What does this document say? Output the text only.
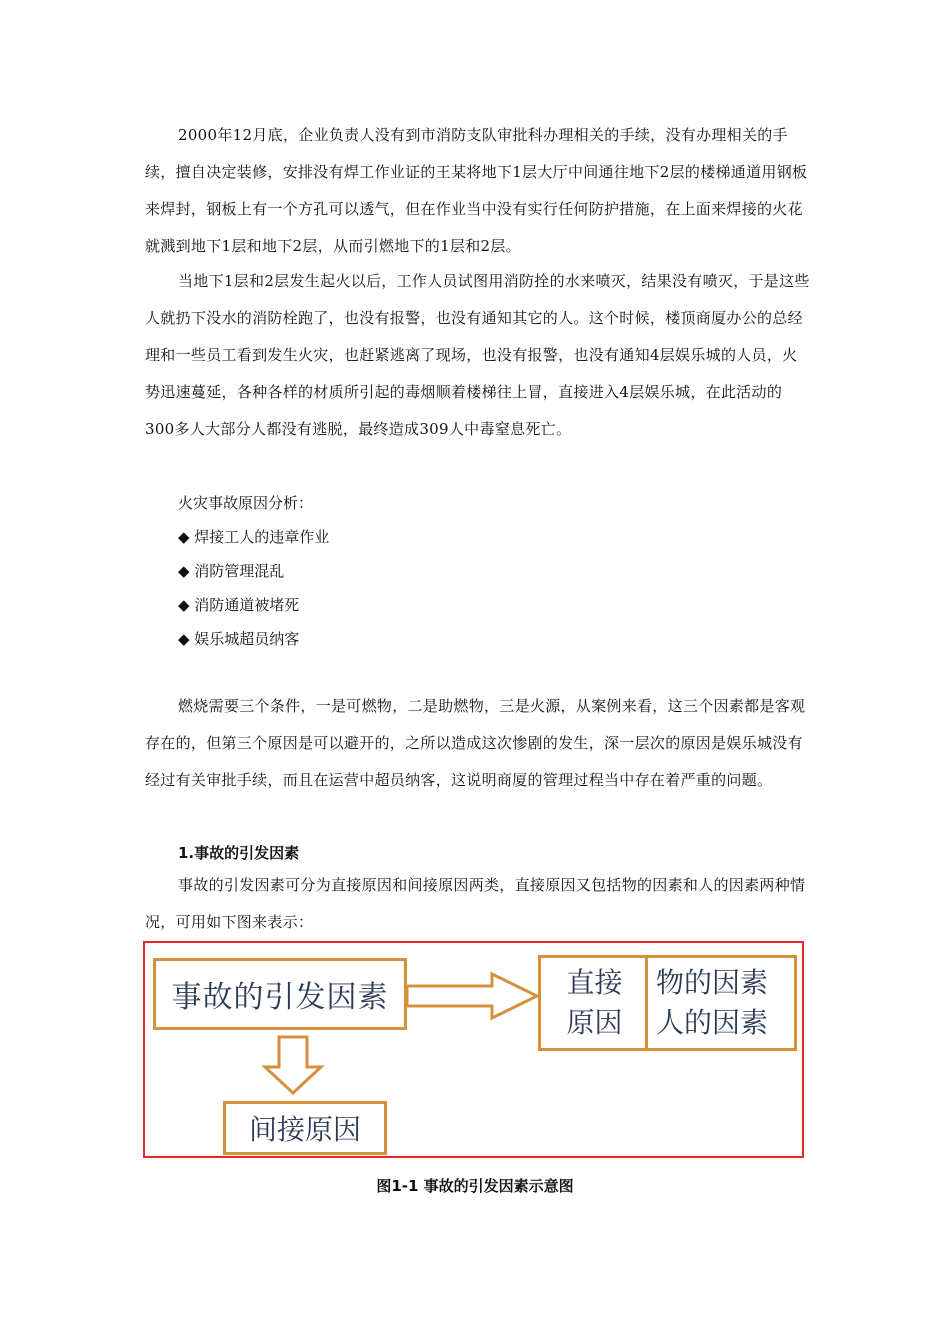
2000年12月底，企业负责人没有到市消防支队审批科办理相关的手续，没有办理相关的手续，擅自决定装修，安排没有焊工作业证的王某将地下1层大厅中间通往地下2层的楼梯通道用钢板来焊封，钢板上有一个方孔可以透气，但在作业当中没有实行任何防护措施，在上面来焊接的火花就溅到地下1层和地下2层，从而引燃地下的1层和2层。

当地下1层和2层发生起火以后，工作人员试图用消防拴的水来喷灭，结果没有喷灭，于是这些人就扔下没水的消防栓跑了，也没有报警，也没有通知其它的人。这个时候，楼顶商厦办公的总经理和一些员工看到发生火灾，也赶紧逃离了现场，也没有报警，也没有通知4层娱乐城的人员，火势迅速蔓延，各种各样的材质所引起的毒烟顺着楼梯往上冒，直接进入4层娱乐城，在此活动的300多人大部分人都没有逃脱，最终造成309人中毒窒息死亡。

火灾事故原因分析：

◆ 焊接工人的违章作业

◆ 消防管理混乱

◆ 消防通道被堵死

◆ 娱乐城超员纳客

燃烧需要三个条件，一是可燃物，二是助燃物，三是火源，从案例来看，这三个因素都是客观存在的，但第三个原因是可以避开的，之所以造成这次惨剧的发生，深一层次的原因是娱乐城没有经过有关审批手续，而且在运营中超员纳客，这说明商厦的管理过程当中存在着严重的问题。

1.事故的引发因素

事故的引发因素可分为直接原因和间接原因两类，直接原因又包括物的因素和人的因素两种情况，可用如下图来表示：

事故的引发因素	直接
原因
物的因素
人的因素
间接原因

图1-1 事故的引发因素示意图
